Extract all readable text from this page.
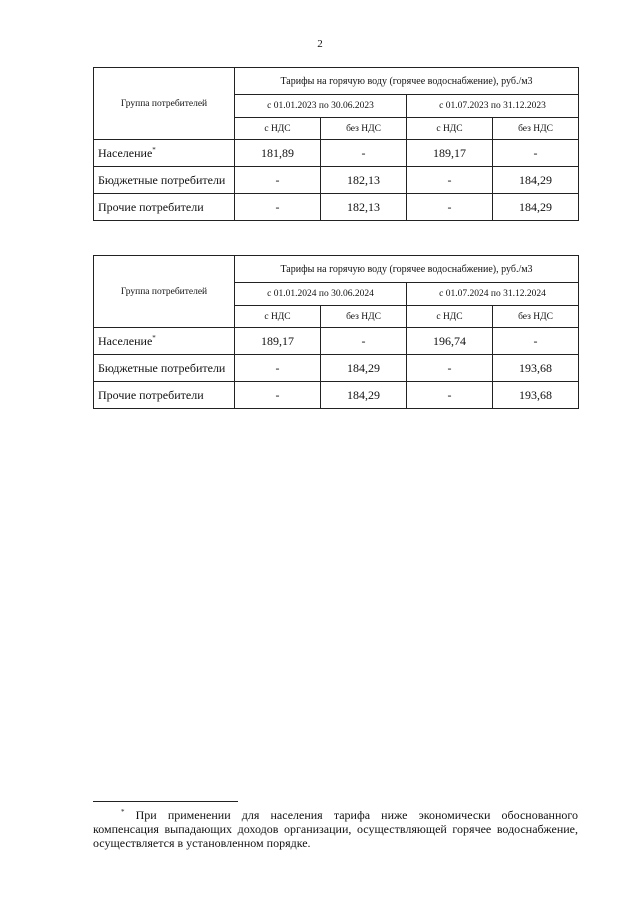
2
Группа потребителей	Тарифы на горячую воду (горячее водоснабжение), руб./м3			
	с 01.01.2023 по 30.06.2023		с 01.07.2023 по 31.12.2023	
	с НДС	без НДС	с НДС	без НДС
Население*	181,89	-	189,17	-
Бюджетные потребители	-	182,13	-	184,29
Прочие потребители	-	182,13	-	184,29
Группа потребителей	Тарифы на горячую воду (горячее водоснабжение), руб./м3			
	с 01.01.2024 по 30.06.2024		с 01.07.2024 по 31.12.2024	
	с НДС	без НДС	с НДС	без НДС
Население*	189,17	-	196,74	-
Бюджетные потребители	-	184,29	-	193,68
Прочие потребители	-	184,29	-	193,68
* При применении для населения тарифа ниже экономически обоснованного компенсация выпадающих доходов организации, осуществляющей горячее водоснабжение, осуществляется в установленном порядке.
